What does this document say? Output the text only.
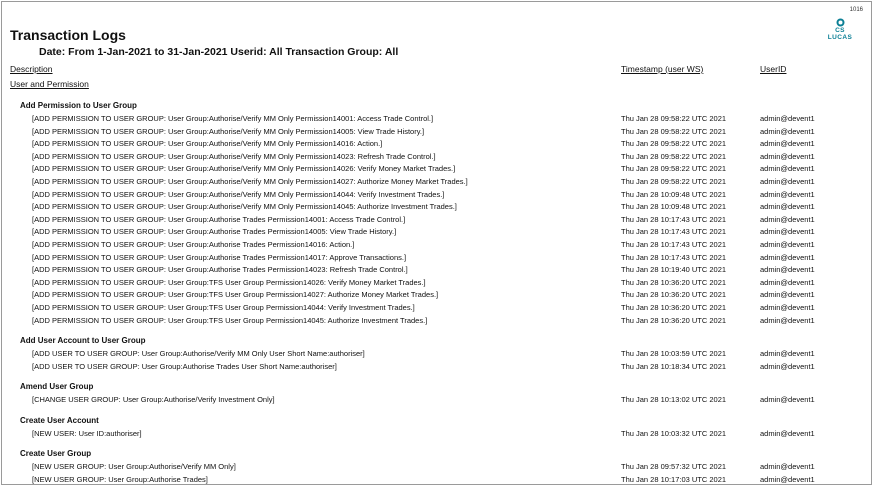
1016
CS
LUCAS
Transaction Logs
Date: From 1-Jan-2021 to 31-Jan-2021 Userid: All Transaction Group: All
Description	Timestamp (user WS)	UserID
User and Permission
Add Permission to User Group
[ADD PERMISSION TO USER GROUP: User Group:Authorise/Verify MM Only Permission14001: Access Trade Control.]	Thu Jan 28 09:58:22 UTC 2021	admin@devent1
[ADD PERMISSION TO USER GROUP: User Group:Authorise/Verify MM Only Permission14005: View Trade History.]	Thu Jan 28 09:58:22 UTC 2021	admin@devent1
[ADD PERMISSION TO USER GROUP: User Group:Authorise/Verify MM Only Permission14016: Action.]	Thu Jan 28 09:58:22 UTC 2021	admin@devent1
[ADD PERMISSION TO USER GROUP: User Group:Authorise/Verify MM Only Permission14023: Refresh Trade Control.]	Thu Jan 28 09:58:22 UTC 2021	admin@devent1
[ADD PERMISSION TO USER GROUP: User Group:Authorise/Verify MM Only Permission14026: Verify Money Market Trades.]	Thu Jan 28 09:58:22 UTC 2021	admin@devent1
[ADD PERMISSION TO USER GROUP: User Group:Authorise/Verify MM Only Permission14027: Authorize Money Market Trades.]	Thu Jan 28 09:58:22 UTC 2021	admin@devent1
[ADD PERMISSION TO USER GROUP: User Group:Authorise/Verify MM Only Permission14044: Verify Investment Trades.]	Thu Jan 28 10:09:48 UTC 2021	admin@devent1
[ADD PERMISSION TO USER GROUP: User Group:Authorise/Verify MM Only Permission14045: Authorize Investment Trades.]	Thu Jan 28 10:09:48 UTC 2021	admin@devent1
[ADD PERMISSION TO USER GROUP: User Group:Authorise Trades Permission14001: Access Trade Control.]	Thu Jan 28 10:17:43 UTC 2021	admin@devent1
[ADD PERMISSION TO USER GROUP: User Group:Authorise Trades Permission14005: View Trade History.]	Thu Jan 28 10:17:43 UTC 2021	admin@devent1
[ADD PERMISSION TO USER GROUP: User Group:Authorise Trades Permission14016: Action.]	Thu Jan 28 10:17:43 UTC 2021	admin@devent1
[ADD PERMISSION TO USER GROUP: User Group:Authorise Trades Permission14017: Approve Transactions.]	Thu Jan 28 10:17:43 UTC 2021	admin@devent1
[ADD PERMISSION TO USER GROUP: User Group:Authorise Trades Permission14023: Refresh Trade Control.]	Thu Jan 28 10:19:40 UTC 2021	admin@devent1
[ADD PERMISSION TO USER GROUP: User Group:TFS User Group Permission14026: Verify Money Market Trades.]	Thu Jan 28 10:36:20 UTC 2021	admin@devent1
[ADD PERMISSION TO USER GROUP: User Group:TFS User Group Permission14027: Authorize Money Market Trades.]	Thu Jan 28 10:36:20 UTC 2021	admin@devent1
[ADD PERMISSION TO USER GROUP: User Group:TFS User Group Permission14044: Verify Investment Trades.]	Thu Jan 28 10:36:20 UTC 2021	admin@devent1
[ADD PERMISSION TO USER GROUP: User Group:TFS User Group Permission14045: Authorize Investment Trades.]	Thu Jan 28 10:36:20 UTC 2021	admin@devent1
Add User Account to User Group
[ADD USER TO USER GROUP: User Group:Authorise/Verify MM Only User Short Name:authoriser]	Thu Jan 28 10:03:59 UTC 2021	admin@devent1
[ADD USER TO USER GROUP: User Group:Authorise Trades User Short Name:authoriser]	Thu Jan 28 10:18:34 UTC 2021	admin@devent1
Amend User Group
[CHANGE USER GROUP: User Group:Authorise/Verify Investment Only]	Thu Jan 28 10:13:02 UTC 2021	admin@devent1
Create User Account
[NEW USER: User ID:authoriser]	Thu Jan 28 10:03:32 UTC 2021	admin@devent1
Create User Group
[NEW USER GROUP: User Group:Authorise/Verify MM Only]	Thu Jan 28 09:57:32 UTC 2021	admin@devent1
[NEW USER GROUP: User Group:Authorise Trades]	Thu Jan 28 10:17:03 UTC 2021	admin@devent1
